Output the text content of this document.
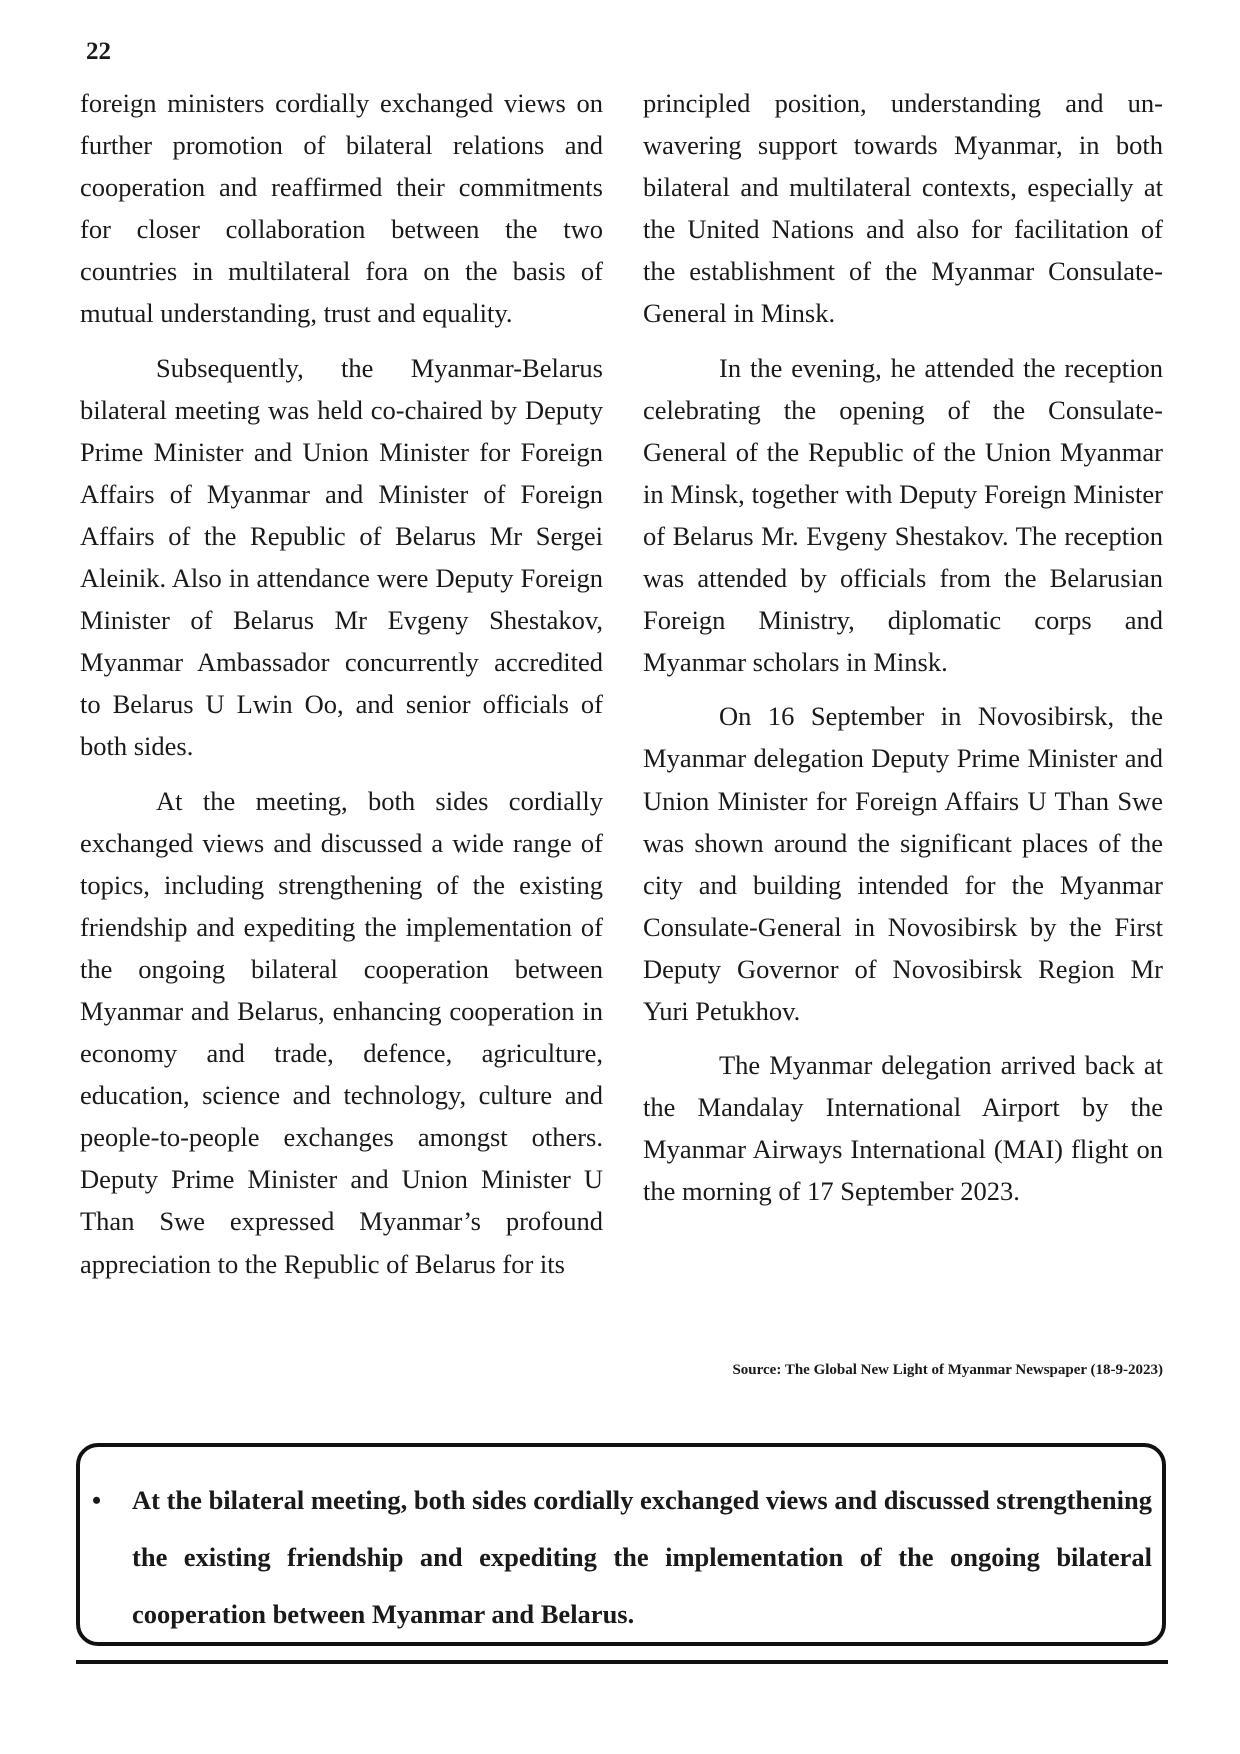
22

foreign ministers cordially exchanged views on further promotion of bilateral relations and cooperation and reaffirmed their commitments for closer collaboration between the two countries in multilateral fora on the basis of mutual understanding, trust and equality.

Subsequently, the Myanmar-Belarus bilateral meeting was held co-chaired by Deputy Prime Minister and Union Minister for Foreign Affairs of Myanmar and Minister of Foreign Affairs of the Republic of Belarus Mr Sergei Aleinik. Also in attendance were Deputy Foreign Minister of Belarus Mr Evgeny Shestakov, Myanmar Ambassador concurrently accredited to Belarus U Lwin Oo, and senior officials of both sides.

At the meeting, both sides cordially exchanged views and discussed a wide range of topics, including strengthening of the existing friendship and expediting the implementation of the ongoing bilateral cooperation between Myanmar and Belarus, enhancing cooperation in economy and trade, defence, agriculture, education, science and technology, culture and people-to-people exchanges amongst others. Deputy Prime Minister and Union Minister U Than Swe expressed Myanmar’s profound appreciation to the Republic of Belarus for its

principled position, understanding and unwavering support towards Myanmar, in both bilateral and multilateral contexts, especially at the United Nations and also for facilitation of the establishment of the Myanmar Consulate-General in Minsk.

In the evening, he attended the reception celebrating the opening of the Consulate-General of the Republic of the Union Myanmar in Minsk, together with Deputy Foreign Minister of Belarus Mr. Evgeny Shestakov. The reception was attended by officials from the Belarusian Foreign Ministry, diplomatic corps and Myanmar scholars in Minsk.

On 16 September in Novosibirsk, the Myanmar delegation Deputy Prime Minister and Union Minister for Foreign Affairs U Than Swe was shown around the significant places of the city and building intended for the Myanmar Consulate-General in Novosibirsk by the First Deputy Governor of Novosibirsk Region Mr Yuri Petukhov.

The Myanmar delegation arrived back at the Mandalay International Airport by the Myanmar Airways International (MAI) flight on the morning of 17 September 2023.

Source: The Global New Light of Myanmar Newspaper (18-9-2023)
• At the bilateral meeting, both sides cordially exchanged views and discussed strengthening the existing friendship and expediting the implementation of the ongoing bilateral cooperation between Myanmar and Belarus.
